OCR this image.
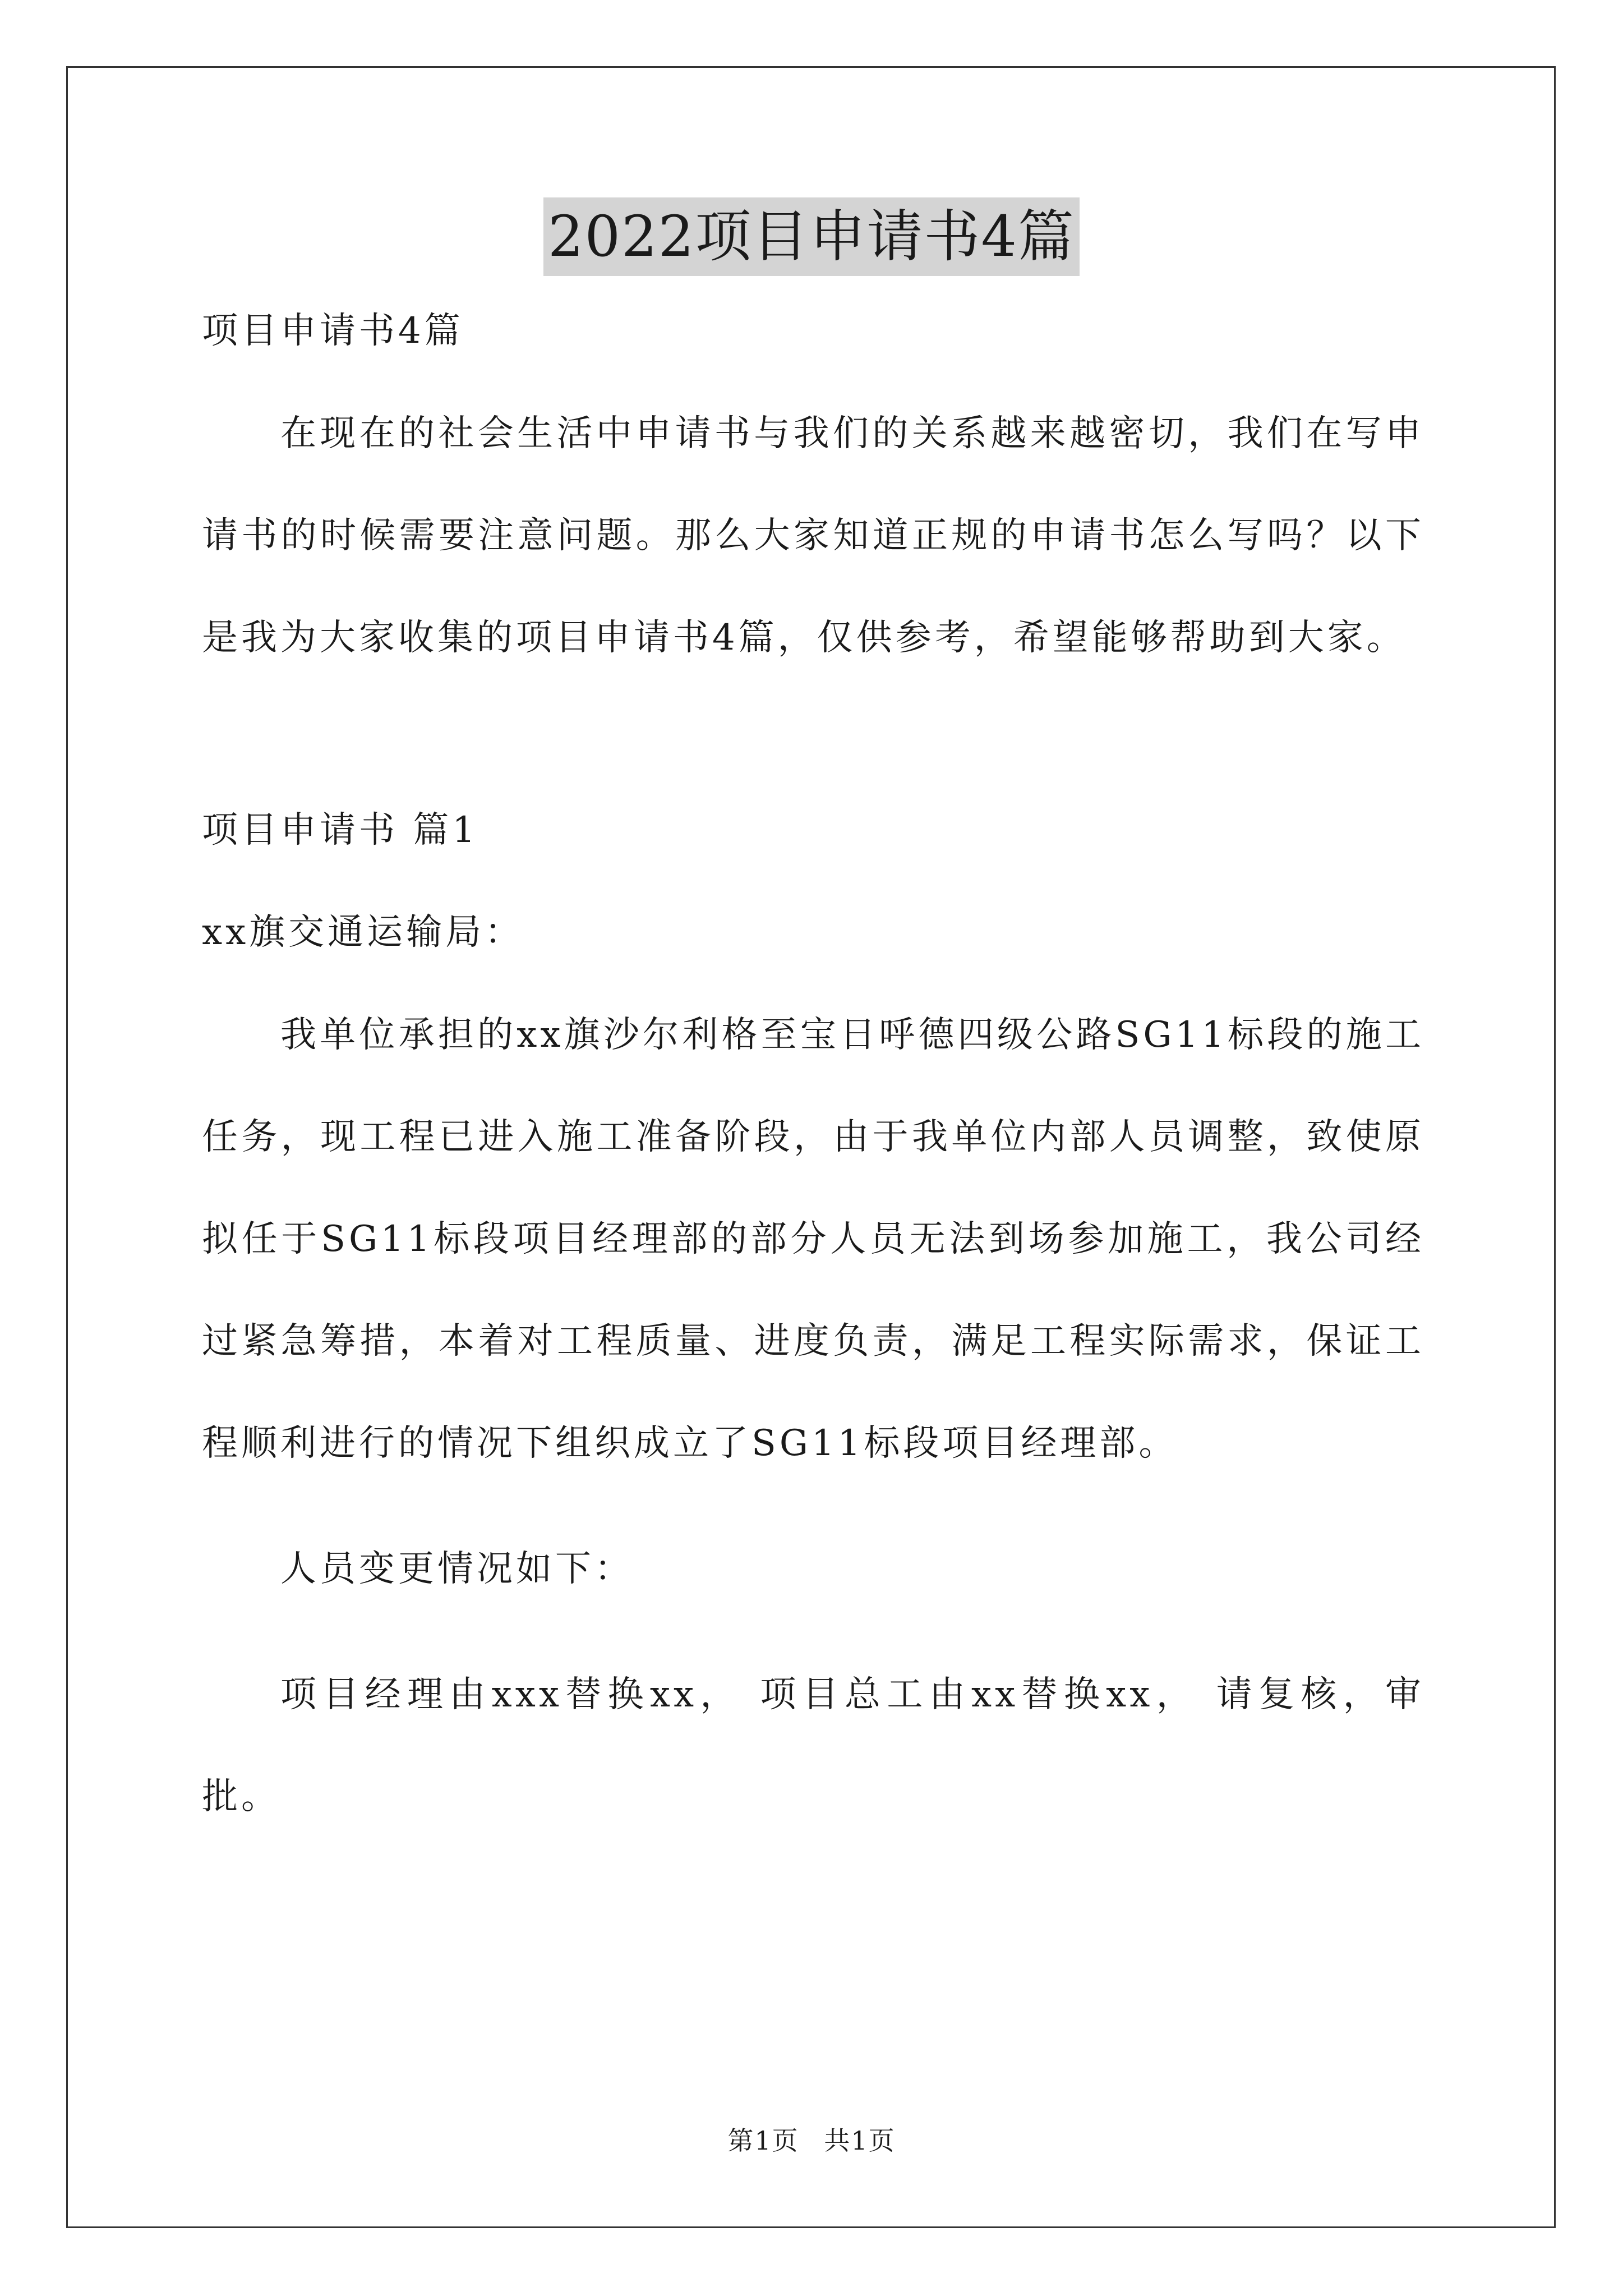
2022项目申请书4篇

项目申请书4篇

在现在的社会生活中申请书与我们的关系越来越密切，我们在写申请书的时候需要注意问题。那么大家知道正规的申请书怎么写吗？以下是我为大家收集的项目申请书4篇，仅供参考，希望能够帮助到大家。

项目申请书 篇1

xx旗交通运输局：

我单位承担的xx旗沙尔利格至宝日呼德四级公路SG11标段的施工任务，现工程已进入施工准备阶段，由于我单位内部人员调整，致使原拟任于SG11标段项目经理部的部分人员无法到场参加施工，我公司经过紧急筹措，本着对工程质量、进度负责，满足工程实际需求，保证工程顺利进行的情况下组织成立了SG11标段项目经理部。

人员变更情况如下：

项目经理由xxx替换xx， 项目总工由xx替换xx， 请复核，审批。

第1页 共1页
